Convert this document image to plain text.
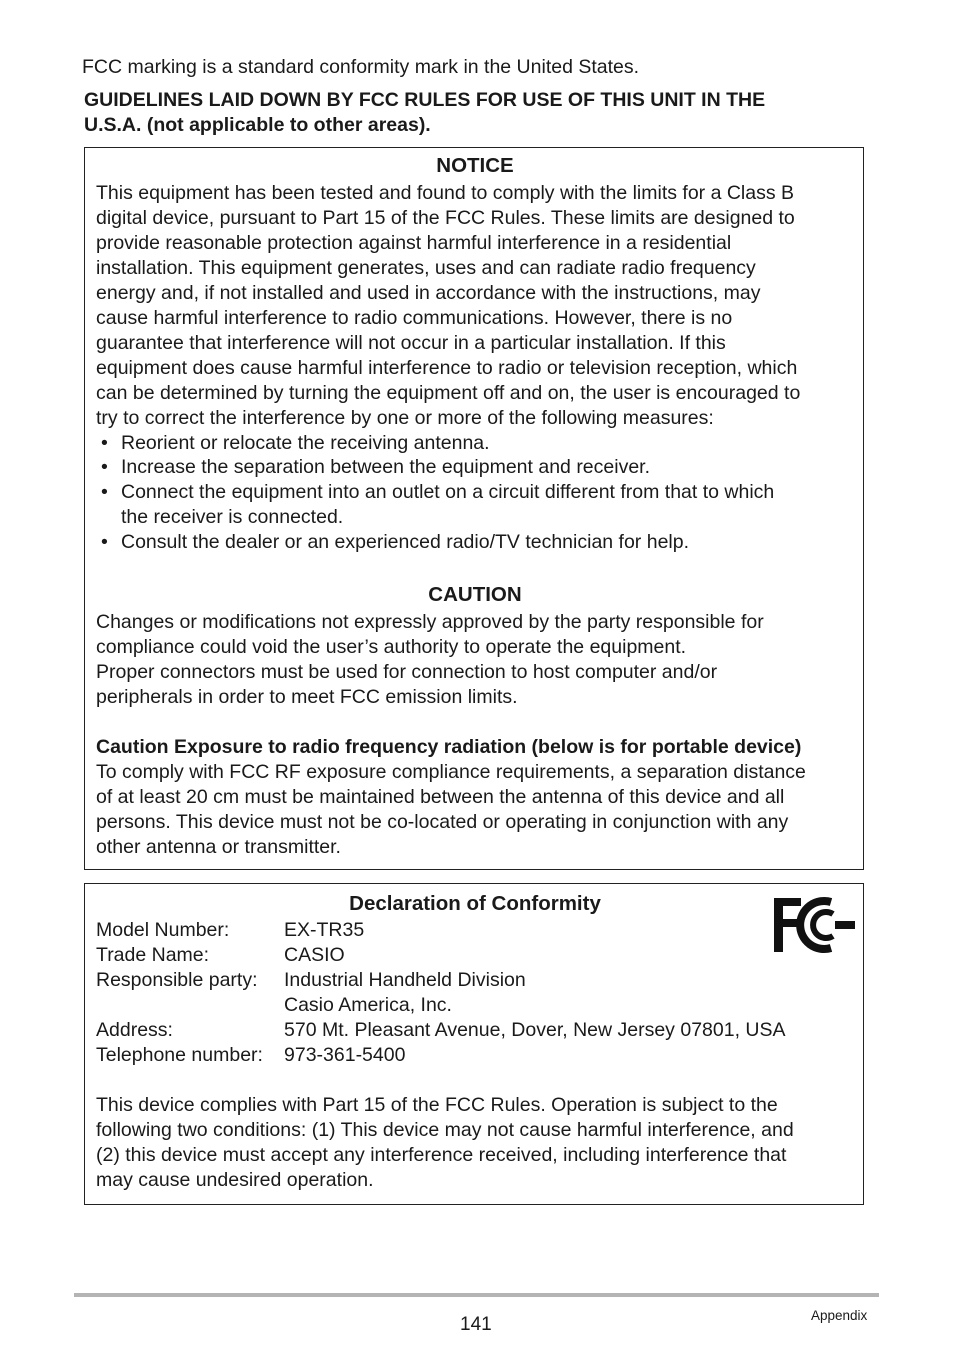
FCC marking is a standard conformity mark in the United States.
GUIDELINES LAID DOWN BY FCC RULES FOR USE OF THIS UNIT IN THE
U.S.A. (not applicable to other areas).
NOTICE
This equipment has been tested and found to comply with the limits for a Class B
digital device, pursuant to Part 15 of the FCC Rules. These limits are designed to
provide reasonable protection against harmful interference in a residential
installation. This equipment generates, uses and can radiate radio frequency
energy and, if not installed and used in accordance with the instructions, may
cause harmful interference to radio communications. However, there is no
guarantee that interference will not occur in a particular installation. If this
equipment does cause harmful interference to radio or television reception, which
can be determined by turning the equipment off and on, the user is encouraged to
try to correct the interference by one or more of the following measures:
• Reorient or relocate the receiving antenna.
• Increase the separation between the equipment and receiver.
• Connect the equipment into an outlet on a circuit different from that to which
the receiver is connected.
• Consult the dealer or an experienced radio/TV technician for help.
CAUTION
Changes or modifications not expressly approved by the party responsible for
compliance could void the user’s authority to operate the equipment.
Proper connectors must be used for connection to host computer and/or
peripherals in order to meet FCC emission limits.
Caution Exposure to radio frequency radiation (below is for portable device)
To comply with FCC RF exposure compliance requirements, a separation distance
of at least 20 cm must be maintained between the antenna of this device and all
persons. This device must not be co-located or operating in conjunction with any
other antenna or transmitter.
Declaration of Conformity
Model Number:	EX-TR35
Trade Name:	CASIO
Responsible party: Industrial Handheld Division
Casio America, Inc.
Address:	570 Mt. Pleasant Avenue, Dover, New Jersey 07801, USA
Telephone number: 973-361-5400
This device complies with Part 15 of the FCC Rules. Operation is subject to the
following two conditions: (1) This device may not cause harmful interference, and
(2) this device must accept any interference received, including interference that
may cause undesired operation.
141	Appendix
